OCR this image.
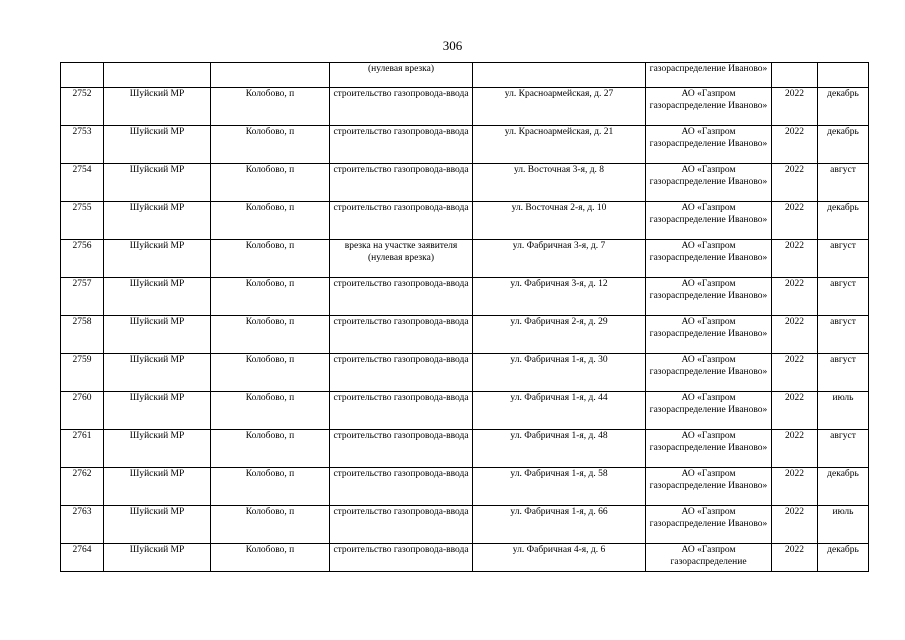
306
			(нулевая врезка)		газораспределение Иваново»		
2752	Шуйский МР	Колобово, п	строительство газопровода-ввода	ул. Красноармейская, д. 27	АО «Газпром газораспределение Иваново»	2022	декабрь
2753	Шуйский МР	Колобово, п	строительство газопровода-ввода	ул. Красноармейская, д. 21	АО «Газпром газораспределение Иваново»	2022	декабрь
2754	Шуйский МР	Колобово, п	строительство газопровода-ввода	ул. Восточная 3-я, д. 8	АО «Газпром газораспределение Иваново»	2022	август
2755	Шуйский МР	Колобово, п	строительство газопровода-ввода	ул. Восточная 2-я, д. 10	АО «Газпром газораспределение Иваново»	2022	декабрь
2756	Шуйский МР	Колобово, п	врезка на участке заявителя (нулевая врезка)	ул. Фабричная 3-я, д. 7	АО «Газпром газораспределение Иваново»	2022	август
2757	Шуйский МР	Колобово, п	строительство газопровода-ввода	ул. Фабричная 3-я, д. 12	АО «Газпром газораспределение Иваново»	2022	август
2758	Шуйский МР	Колобово, п	строительство газопровода-ввода	ул. Фабричная 2-я, д. 29	АО «Газпром газораспределение Иваново»	2022	август
2759	Шуйский МР	Колобово, п	строительство газопровода-ввода	ул. Фабричная 1-я, д. 30	АО «Газпром газораспределение Иваново»	2022	август
2760	Шуйский МР	Колобово, п	строительство газопровода-ввода	ул. Фабричная 1-я, д. 44	АО «Газпром газораспределение Иваново»	2022	июль
2761	Шуйский МР	Колобово, п	строительство газопровода-ввода	ул. Фабричная 1-я, д. 48	АО «Газпром газораспределение Иваново»	2022	август
2762	Шуйский МР	Колобово, п	строительство газопровода-ввода	ул. Фабричная 1-я, д. 58	АО «Газпром газораспределение Иваново»	2022	декабрь
2763	Шуйский МР	Колобово, п	строительство газопровода-ввода	ул. Фабричная 1-я, д. 66	АО «Газпром газораспределение Иваново»	2022	июль
2764	Шуйский МР	Колобово, п	строительство газопровода-ввода	ул. Фабричная 4-я, д. 6	АО «Газпром газораспределение	2022	декабрь
